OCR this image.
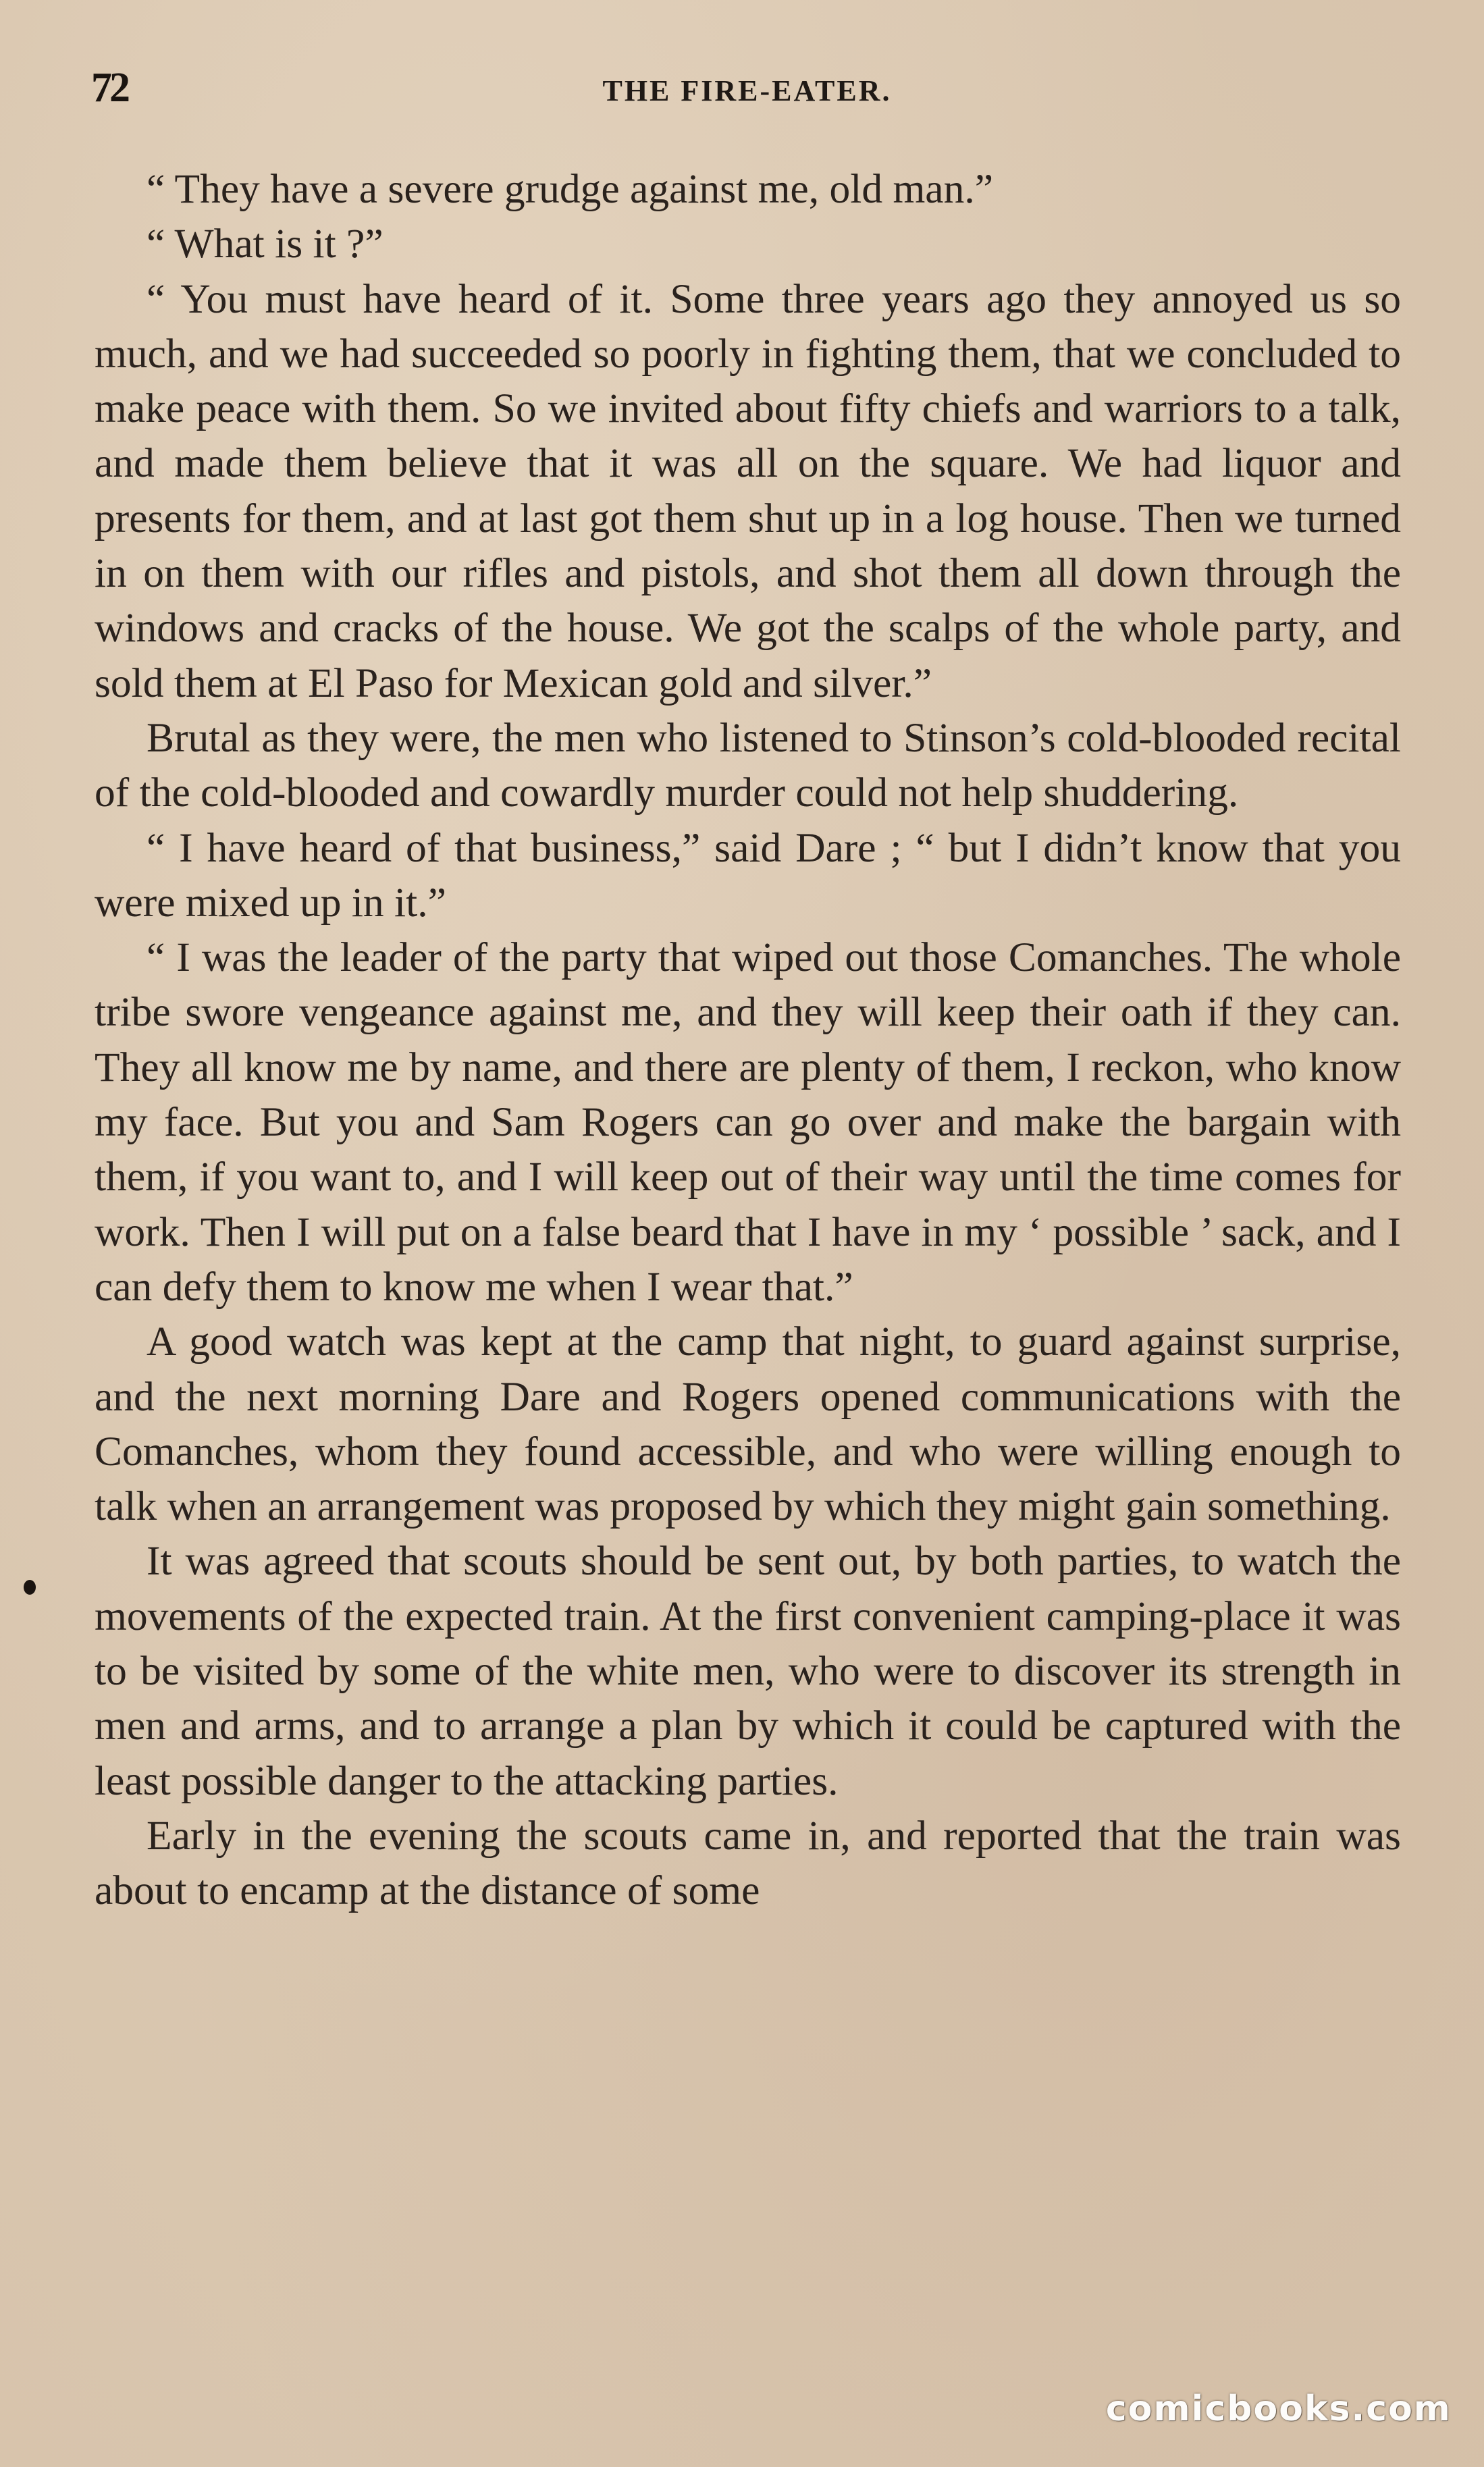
72	THE FIRE-EATER.

“ They have a severe grudge against me, old man.”

“ What is it ?”

“ You must have heard of it. Some three years ago they annoyed us so much, and we had succeeded so poorly in fighting them, that we concluded to make peace with them. So we invited about fifty chiefs and warriors to a talk, and made them believe that it was all on the square. We had liquor and presents for them, and at last got them shut up in a log house. Then we turned in on them with our rifles and pistols, and shot them all down through the windows and cracks of the house. We got the scalps of the whole party, and sold them at El Paso for Mexican gold and silver.”

Brutal as they were, the men who listened to Stinson’s cold-blooded recital of the cold-blooded and cowardly murder could not help shuddering.

“ I have heard of that business,” said Dare ; “ but I didn’t know that you were mixed up in it.”

“ I was the leader of the party that wiped out those Comanches. The whole tribe swore vengeance against me, and they will keep their oath if they can. They all know me by name, and there are plenty of them, I reckon, who know my face. But you and Sam Rogers can go over and make the bargain with them, if you want to, and I will keep out of their way until the time comes for work. Then I will put on a false beard that I have in my ‘ possible ’ sack, and I can defy them to know me when I wear that.”

A good watch was kept at the camp that night, to guard against surprise, and the next morning Dare and Rogers opened communications with the Comanches, whom they found accessible, and who were willing enough to talk when an arrangement was proposed by which they might gain something.

It was agreed that scouts should be sent out, by both parties, to watch the movements of the expected train. At the first convenient camping-place it was to be visited by some of the white men, who were to discover its strength in men and arms, and to arrange a plan by which it could be captured with the least possible danger to the attacking parties.

Early in the evening the scouts came in, and reported that the train was about to encamp at the distance of some

comicbooks.com
